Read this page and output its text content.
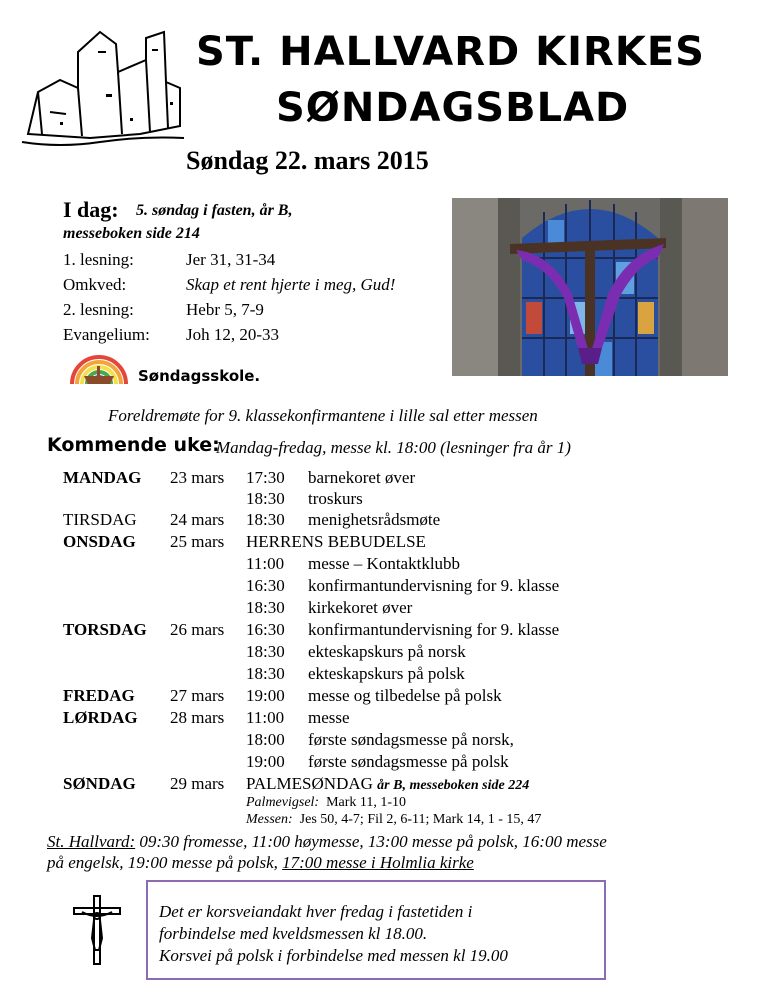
ST. HALLVARD KIRKES
SØNDAGSBLAD
Søndag 22. mars 2015
I dag: 5. søndag i fasten, år B,
messeboken side 214
1. lesning:	Jer 31, 31-34
Omkved:	Skap et rent hjerte i meg, Gud!
2. lesning:	Hebr 5, 7-9
Evangelium: Joh 12, 20-33
Søndagsskole.
Foreldremøte for 9. klassekonfirmantene i lille sal etter messen
Kommende uke:
Mandag-fredag, messe kl. 18:00 (lesninger fra år 1)
MANDAG 23 mars 17:30 barnekoret øver
18:30 troskurs
TIRSDAG 24 mars 18:30 menighetsrådsmøte
ONSDAG 25 mars HERRENS BEBUDELSE
11:00 messe – Kontaktklubb
16:30 konfirmantundervisning for 9. klasse
18:30 kirkekoret øver
TORSDAG 26 mars 16:30 konfirmantundervisning for 9. klasse
18:30 ekteskapskurs på norsk
18:30 ekteskapskurs på polsk
FREDAG 27 mars 19:00 messe og tilbedelse på polsk
LØRDAG 28 mars 11:00 messe
18:00 første søndagsmesse på norsk,
19:00 første søndagsmesse på polsk
SØNDAG 29 mars PALMESØNDAG år B, messeboken side 224
Palmevigsel: Mark 11, 1-10
Messen: Jes 50, 4-7; Fil 2, 6-11; Mark 14, 1 - 15, 47
St. Hallvard: 09:30 fromesse, 11:00 høymesse, 13:00 messe på polsk, 16:00 messe
på engelsk, 19:00 messe på polsk, 17:00 messe i Holmlia kirke
Det er korsveiandakt hver fredag i fastetiden i
forbindelse med kveldsmessen kl 18.00.
Korsvei på polsk i forbindelse med messen kl 19.00
